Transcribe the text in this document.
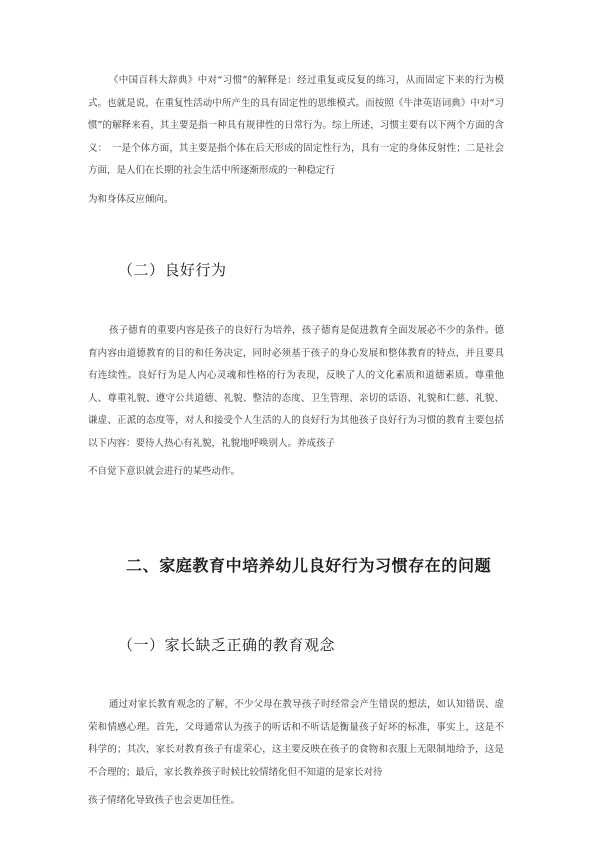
《中国百科大辞典》中对“习惯”的解释是：经过重复或反复的练习，从而固定下来的行为模式。也就是说，在重复性活动中所产生的具有固定性的思维模式。而按照《牛津英语词典》中对“习惯”的解释来看，其主要是指一种具有规律性的日常行为。综上所述，习惯主要有以下两个方面的含义：　一是个体方面，其主要是指个体在后天形成的固定性行为，具有一定的身体反射性；二是社会方面，是人们在长期的社会生活中所逐渐形成的一种稳定行
为和身体反应倾向。

（二）良好行为

孩子德育的重要内容是孩子的良好行为培养，孩子德育是促进教育全面发展必不少的条件。德育内容由道德教育的目的和任务决定，同时必须基于孩子的身心发展和整体教育的特点，并且要具有连续性。良好行为是人内心灵魂和性格的行为表现，反映了人的文化素质和道德素质。尊重他人、尊重礼貌、遵守公共道德、礼貌、整洁的态度、卫生管理、亲切的话语、礼貌和仁慈、礼貌、谦虚、正派的态度等，对人和接受个人生活的人的良好行为其他孩子良好行为习惯的教育主要包括以下内容：要待人热心有礼貌，礼貌地呼唤别人。养成孩子
不自觉下意识就会进行的某些动作。

二、家庭教育中培养幼儿良好行为习惯存在的问题
（一）家长缺乏正确的教育观念

通过对家长教育观念的了解，不少父母在教导孩子时经常会产生错误的想法，如认知错误、虚荣和情感心理。首先，父母通常认为孩子的听话和不听话是衡量孩子好坏的标准，事实上，这是不科学的；其次，家长对教育孩子有虚荣心，这主要反映在孩子的食物和衣服上无限制地给予，这是不合理的；最后，家长教养孩子时候比较情绪化但不知道的是家长对待
孩子情绪化导致孩子也会更加任性。
